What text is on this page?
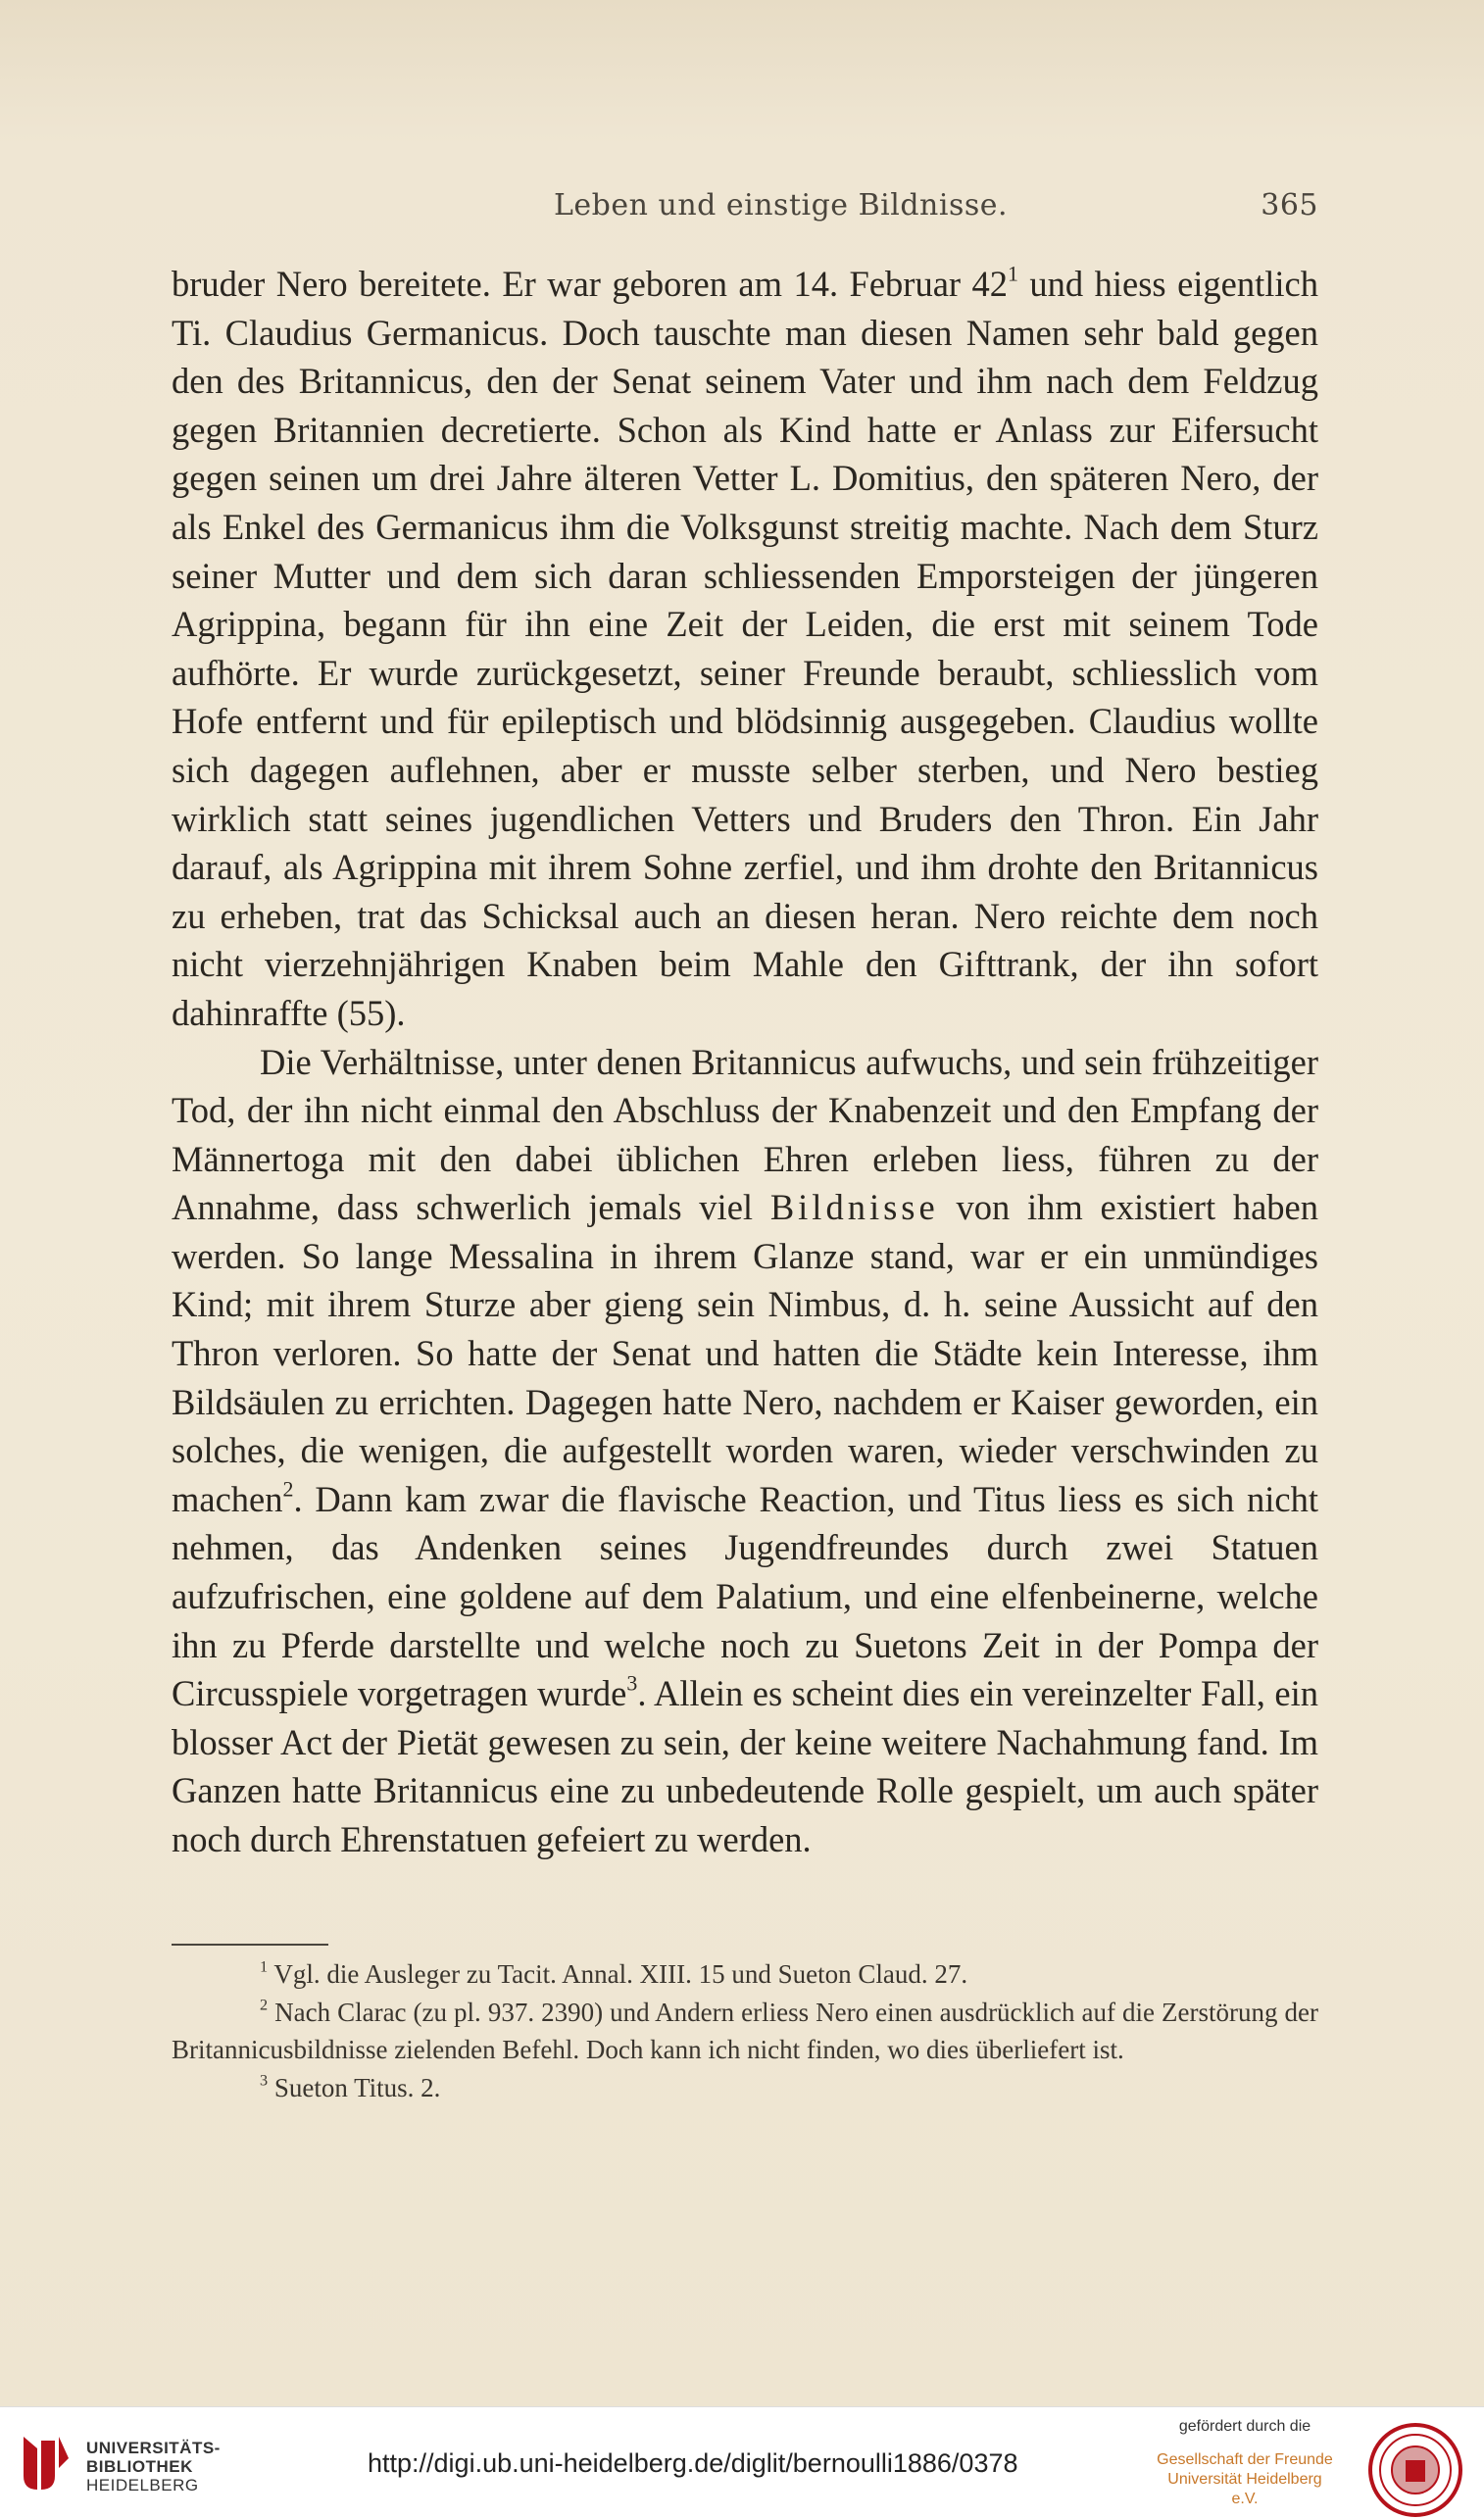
Leben und einstige Bildnisse.	365

bruder Nero bereitete. Er war geboren am 14. Februar $42^1$ und hiess eigentlich Ti. Claudius Germanicus. Doch tauschte man diesen Namen sehr bald gegen den des Britannicus, den der Senat seinem Vater und ihm nach dem Feldzug gegen Britannien decretierte. Schon als Kind hatte er Anlass zur Eifersucht gegen seinen um drei Jahre älteren Vetter L. Domitius, den späteren Nero, der als Enkel des Germanicus ihm die Volksgunst streitig machte. Nach dem Sturz seiner Mutter und dem sich daran schliessenden Emporsteigen der jüngeren Agrippina, begann für ihn eine Zeit der Leiden, die erst mit seinem Tode aufhörte. Er wurde zurückgesetzt, seiner Freunde beraubt, schliesslich vom Hofe entfernt und für epileptisch und blödsinnig ausgegeben. Claudius wollte sich dagegen auflehnen, aber er musste selber sterben, und Nero bestieg wirklich statt seines jugendlichen Vetters und Bruders den Thron. Ein Jahr darauf, als Agrippina mit ihrem Sohne zerfiel, und ihm drohte den Britannicus zu erheben, trat das Schicksal auch an diesen heran. Nero reichte dem noch nicht vierzehnjährigen Knaben beim Mahle den Gifttrank, der ihn sofort dahinraffte (55).

Die Verhältnisse, unter denen Britannicus aufwuchs, und sein frühzeitiger Tod, der ihn nicht einmal den Abschluss der Knabenzeit und den Empfang der Männertoga mit den dabei üblichen Ehren erleben liess, führen zu der Annahme, dass schwerlich jemals viel Bildnisse von ihm existiert haben werden. So lange Messalina in ihrem Glanze stand, war er ein unmündiges Kind; mit ihrem Sturze aber gieng sein Nimbus, d. h. seine Aussicht auf den Thron verloren. So hatte der Senat und hatten die Städte kein Interesse, ihm Bildsäulen zu errichten. Dagegen hatte Nero, nachdem er Kaiser geworden, ein solches, die wenigen, die aufgestellt worden waren, wieder verschwinden zu machen$^2$. Dann kam zwar die flavische Reaction, und Titus liess es sich nicht nehmen, das Andenken seines Jugendfreundes durch zwei Statuen aufzufrischen, eine goldene auf dem Palatium, und eine elfenbeinerne, welche ihn zu Pferde darstellte und welche noch zu Suetons Zeit in der Pompa der Circusspiele vorgetragen wurde$^3$. Allein es scheint dies ein vereinzelter Fall, ein blosser Act der Pietät gewesen zu sein, der keine weitere Nachahmung fand. Im Ganzen hatte Britannicus eine zu unbedeutende Rolle gespielt, um auch später noch durch Ehrenstatuen gefeiert zu werden.

$^1$ Vgl. die Ausleger zu Tacit. Annal. XIII. 15 und Sueton Claud. 27.

$^2$ Nach Clarac (zu pl. 937. 2390) und Andern erliess Nero einen ausdrücklich auf die Zerstörung der Britannicusbildnisse zielenden Befehl. Doch kann ich nicht finden, wo dies überliefert ist.

$^3$ Sueton Titus. 2.

UNIVERSITÄTS-
BIBLIOTHEK
HEIDELBERG
http://digi.ub.uni-heidelberg.de/diglit/bernoulli1886/0378
gefördert durch die
Gesellschaft der Freunde
Universität Heidelberg e.V.
